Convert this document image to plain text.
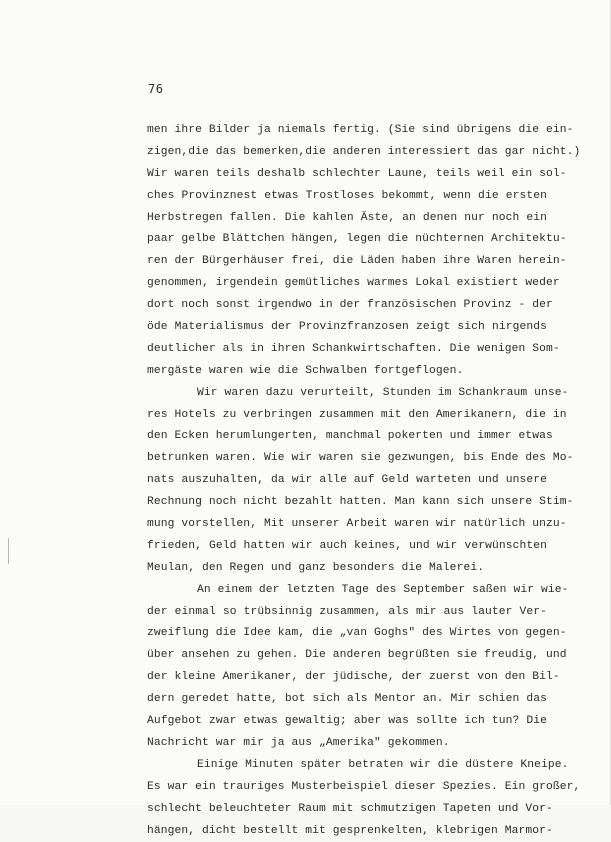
76
men ihre Bilder ja niemals fertig. (Sie sind übrigens die ein-
zigen,die das bemerken,die anderen interessiert das gar nicht.)
Wir waren teils deshalb schlechter Laune, teils weil ein sol-
ches Provinznest etwas Trostloses bekommt, wenn die ersten
Herbstregen fallen. Die kahlen Äste, an denen nur noch ein
paar gelbe Blättchen hängen, legen die nüchternen Architektu-
ren der Bürgerhäuser frei, die Läden haben ihre Waren herein-
genommen, irgendein gemütliches warmes Lokal existiert weder
dort noch sonst irgendwo in der französischen Provinz - der
öde Materialismus der Provinzfranzosen zeigt sich nirgends
deutlicher als in ihren Schankwirtschaften. Die wenigen Som-
mergäste waren wie die Schwalben fortgeflogen.
Wir waren dazu verurteilt, Stunden im Schankraum unse-
res Hotels zu verbringen zusammen mit den Amerikanern, die in
den Ecken herumlungerten, manchmal pokerten und immer etwas
betrunken waren. Wie wir waren sie gezwungen, bis Ende des Mo-
nats auszuhalten, da wir alle auf Geld warteten und unsere
Rechnung noch nicht bezahlt hatten. Man kann sich unsere Stim-
mung vorstellen, Mit unserer Arbeit waren wir natürlich unzu-
frieden, Geld hatten wir auch keines, und wir verwünschten
Meulan, den Regen und ganz besonders die Malerei.
An einem der letzten Tage des September saßen wir wie-
der einmal so trübsinnig zusammen, als mir aus lauter Ver-
zweiflung die Idee kam, die „van Goghs" des Wirtes von gegen-
über ansehen zu gehen. Die anderen begrüßten sie freudig, und
der kleine Amerikaner, der jüdische, der zuerst von den Bil-
dern geredet hatte, bot sich als Mentor an. Mir schien das
Aufgebot zwar etwas gewaltig; aber was sollte ich tun? Die
Nachricht war mir ja aus „Amerika" gekommen.
Einige Minuten später betraten wir die düstere Kneipe.
Es war ein trauriges Musterbeispiel dieser Spezies. Ein großer,
schlecht beleuchteter Raum mit schmutzigen Tapeten und Vor-
hängen, dicht bestellt mit gesprenkelten, klebrigen Marmor-
